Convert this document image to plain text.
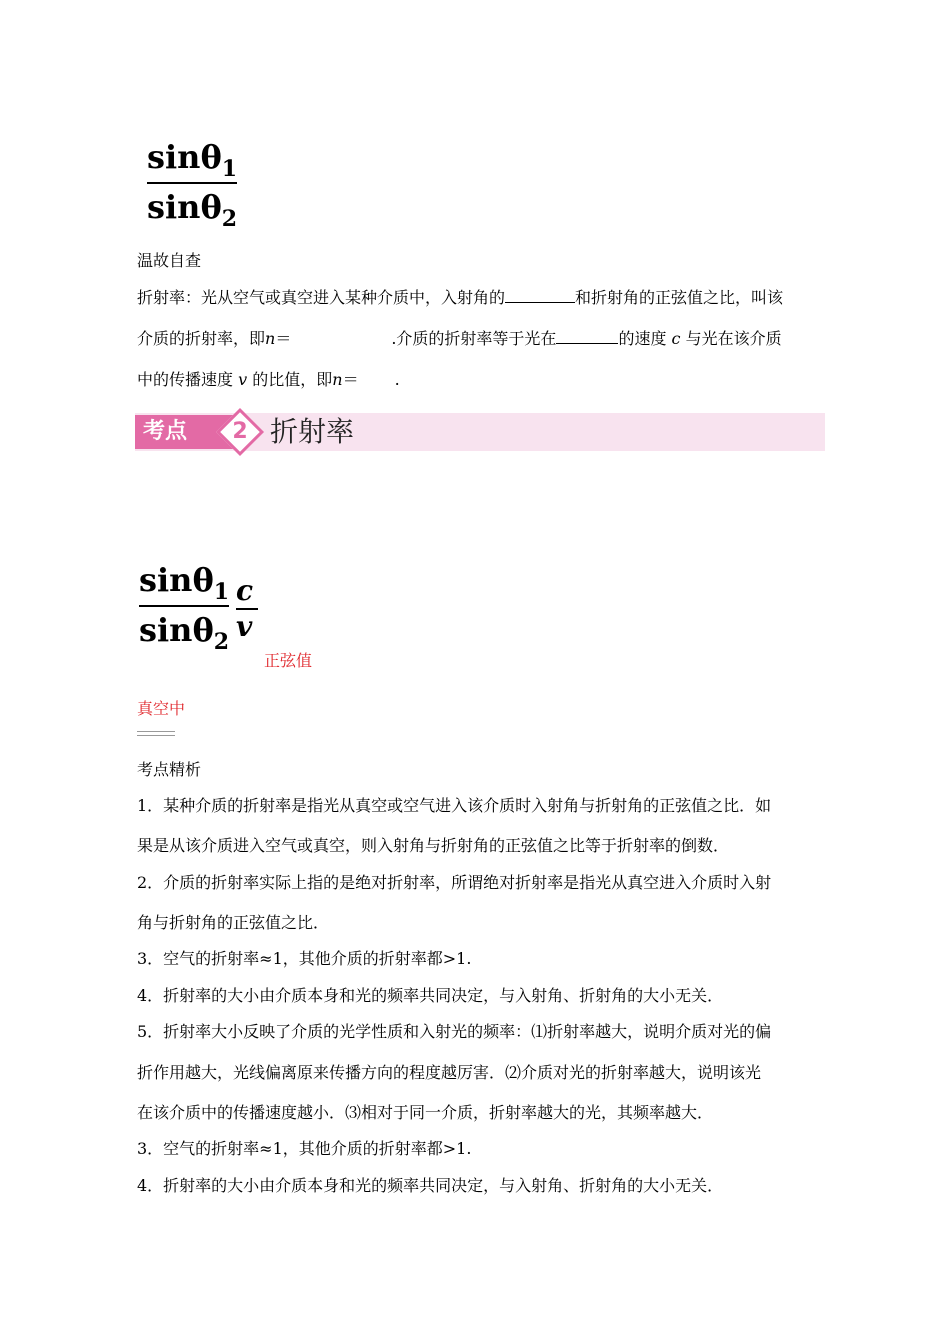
sinθ$_1$
sinθ$_2$
温故自查
折射率：光从空气或真空进入某种介质中，入射角的	和折射角的正弦值之比，叫该
介质的折射率，即n＝	.介质的折射率等于光在	的速度 c 与光在该介质
中的传播速度 v 的比值，即n＝ .
考点	2 折射率
sinθ$_1$
sinθ$_2$
c
v
正弦值
真空中
考点精析
1．某种介质的折射率是指光从真空或空气进入该介质时入射角与折射角的正弦值之比．如
果是从该介质进入空气或真空，则入射角与折射角的正弦值之比等于折射率的倒数．
2．介质的折射率实际上指的是绝对折射率，所谓绝对折射率是指光从真空进入介质时入射
角与折射角的正弦值之比．
3．空气的折射率≈1，其他介质的折射率都>1.
4．折射率的大小由介质本身和光的频率共同决定，与入射角、折射角的大小无关．
5．折射率大小反映了介质的光学性质和入射光的频率：⑴折射率越大，说明介质对光的偏
折作用越大，光线偏离原来传播方向的程度越厉害．⑵介质对光的折射率越大，说明该光
在该介质中的传播速度越小．⑶相对于同一介质，折射率越大的光，其频率越大．
3．空气的折射率≈1，其他介质的折射率都>1.
4．折射率的大小由介质本身和光的频率共同决定，与入射角、折射角的大小无关．
